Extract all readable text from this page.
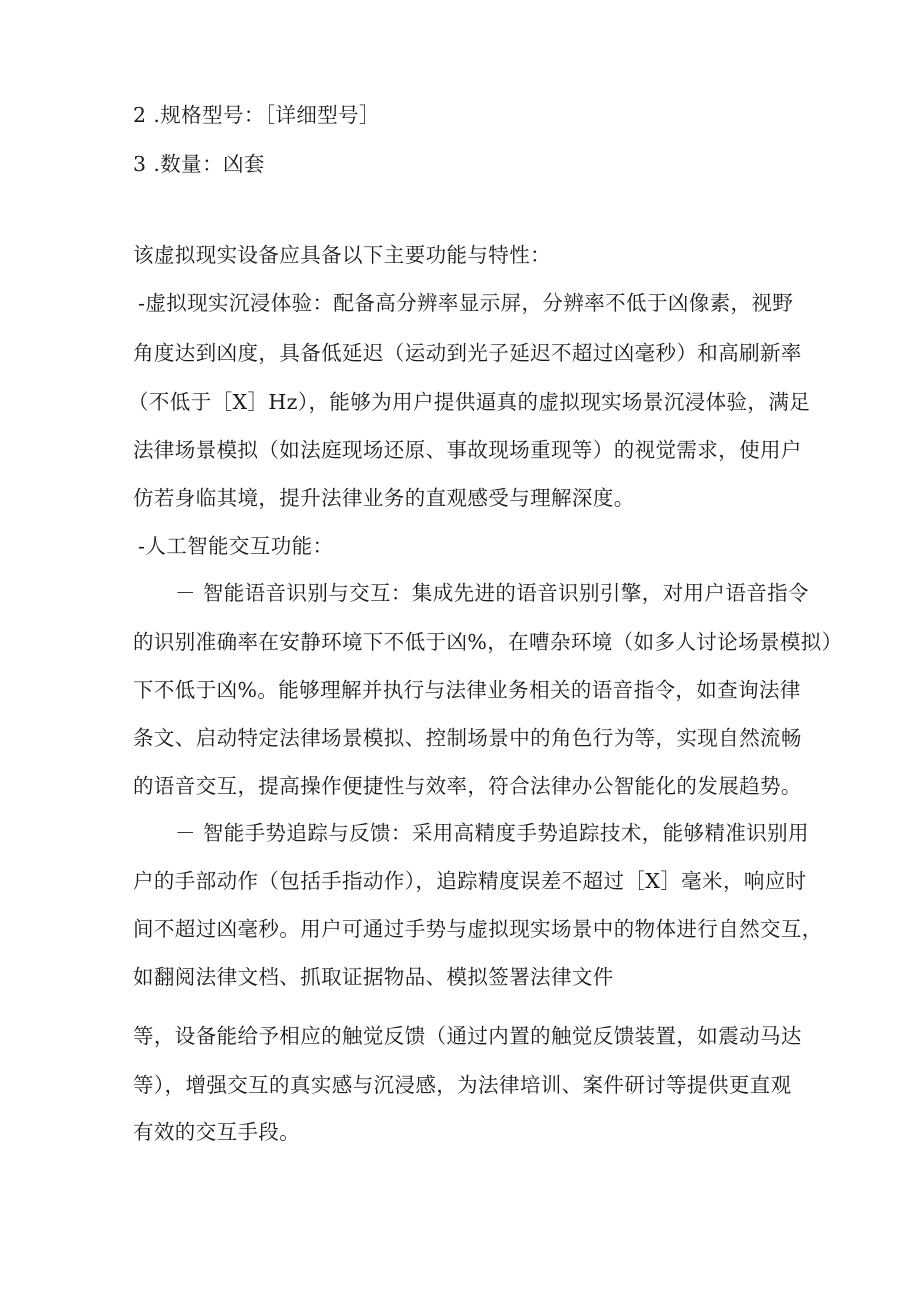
2 .规格型号：［详细型号］
3 .数量：凶套
该虚拟现实设备应具备以下主要功能与特性：
-虚拟现实沉浸体验：配备高分辨率显示屏，分辨率不低于凶像素，视野
角度达到凶度，具备低延迟（运动到光子延迟不超过凶毫秒）和高刷新率
（不低于［X］Hz），能够为用户提供逼真的虚拟现实场景沉浸体验，满足
法律场景模拟（如法庭现场还原、事故现场重现等）的视觉需求，使用户
仿若身临其境，提升法律业务的直观感受与理解深度。
-人工智能交互功能：
－ 智能语音识别与交互：集成先进的语音识别引擎，对用户语音指令
的识别准确率在安静环境下不低于凶%，在嘈杂环境（如多人讨论场景模拟）
下不低于凶%。能够理解并执行与法律业务相关的语音指令，如查询法律
条文、启动特定法律场景模拟、控制场景中的角色行为等，实现自然流畅
的语音交互，提高操作便捷性与效率，符合法律办公智能化的发展趋势。
－ 智能手势追踪与反馈：采用高精度手势追踪技术，能够精准识别用
户的手部动作（包括手指动作），追踪精度误差不超过［X］毫米，响应时
间不超过凶毫秒。用户可通过手势与虚拟现实场景中的物体进行自然交互，
如翻阅法律文档、抓取证据物品、模拟签署法律文件
等，设备能给予相应的触觉反馈（通过内置的触觉反馈装置，如震动马达
等），增强交互的真实感与沉浸感，为法律培训、案件研讨等提供更直观
有效的交互手段。
